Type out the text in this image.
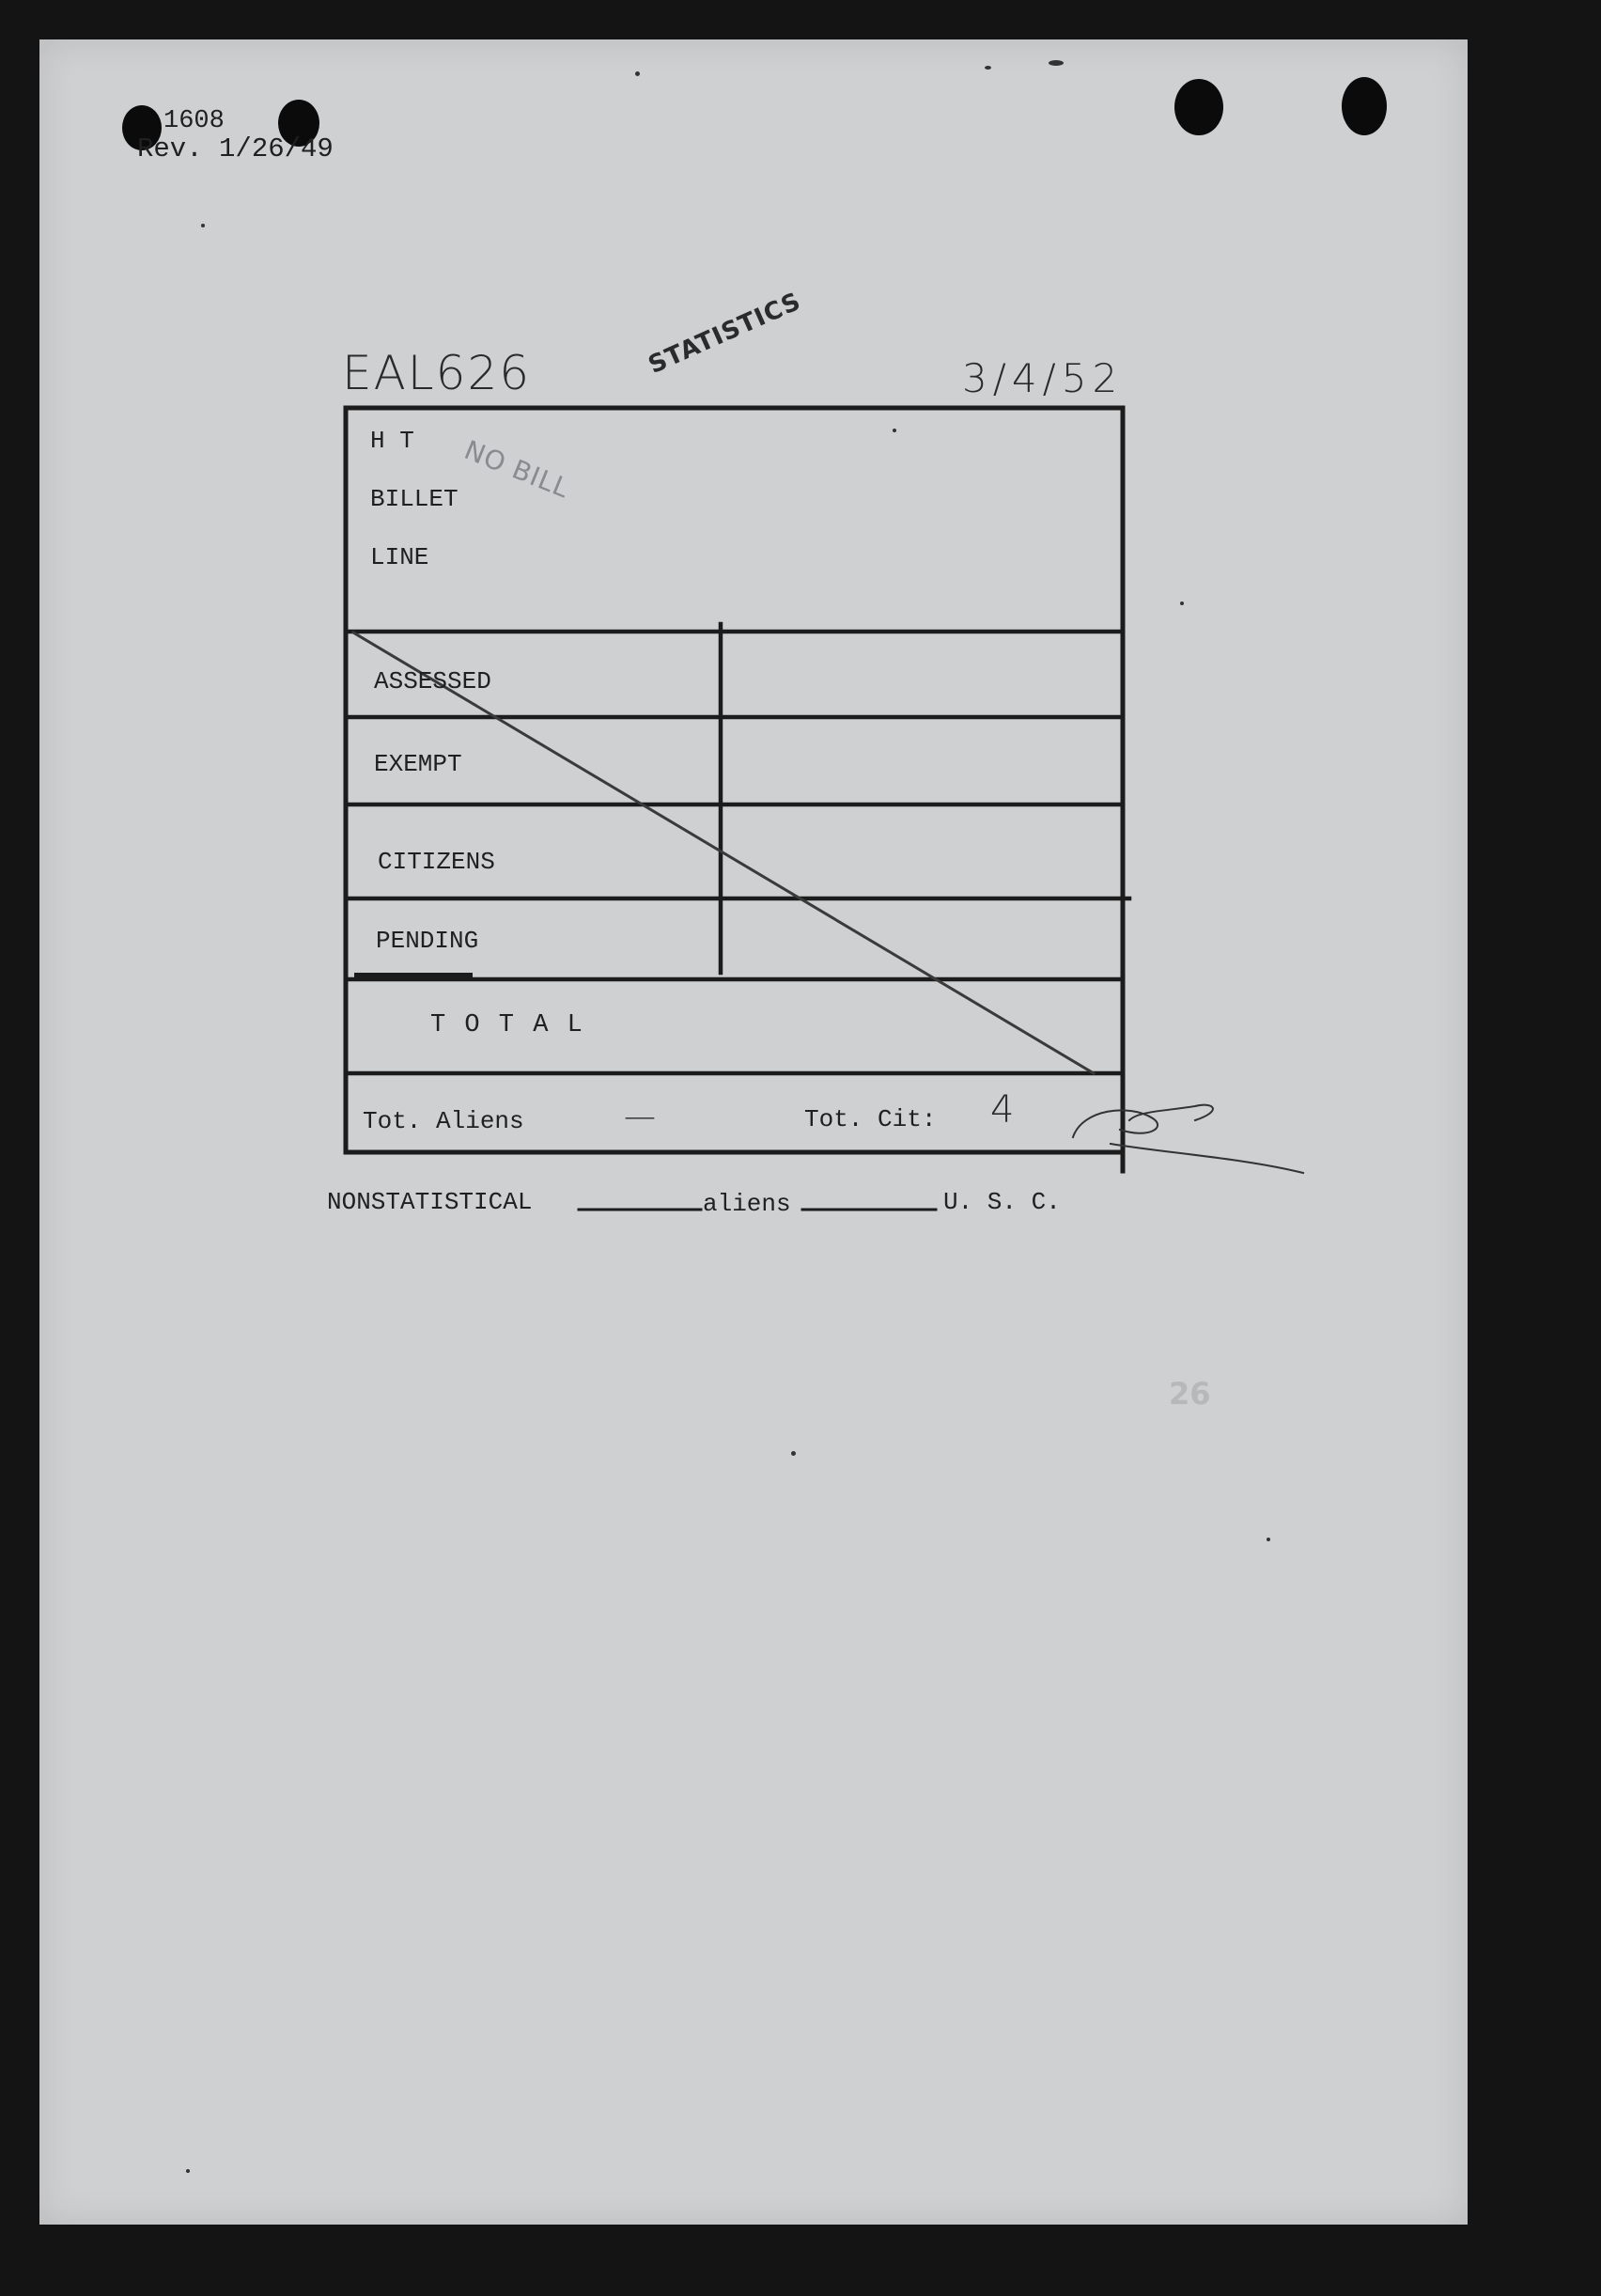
1608
Rev. 1/26/49
EAL626	STATISTICS	3/4/52
H T
BILLET
LINE
NO BILL
ASSESSED
EXEMPT
CITIZENS
PENDING
T O T A L
Tot. Aliens	—	Tot. Cit: 4
NONSTATISTICAL	aliens	U. S. C.
26
